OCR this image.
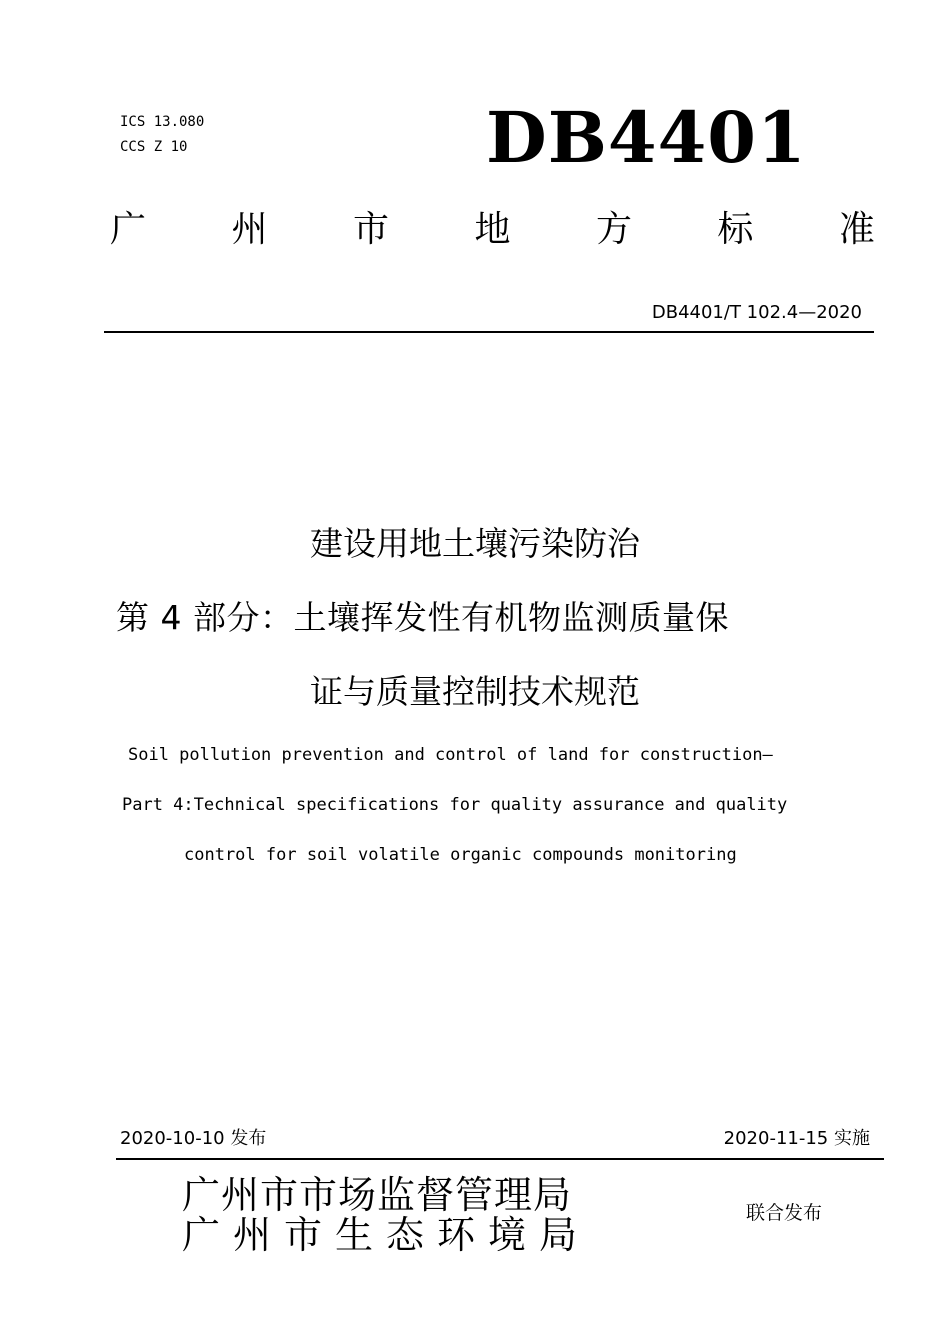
ICS 13.080
CCS Z 10	DB4401
广 州 市 地 方 标 准
DB4401/T 102.4—2020
建设用地土壤污染防治
第 4 部分：土壤挥发性有机物监测质量保
证与质量控制技术规范
Soil pollution prevention and control of land for construction—
Part 4:Technical specifications for quality assurance and quality
control for soil volatile organic compounds monitoring
2020-10-10 发布	2020-11-15 实施
广州市市场监督管理局
广州市生态环境局	联合发布
